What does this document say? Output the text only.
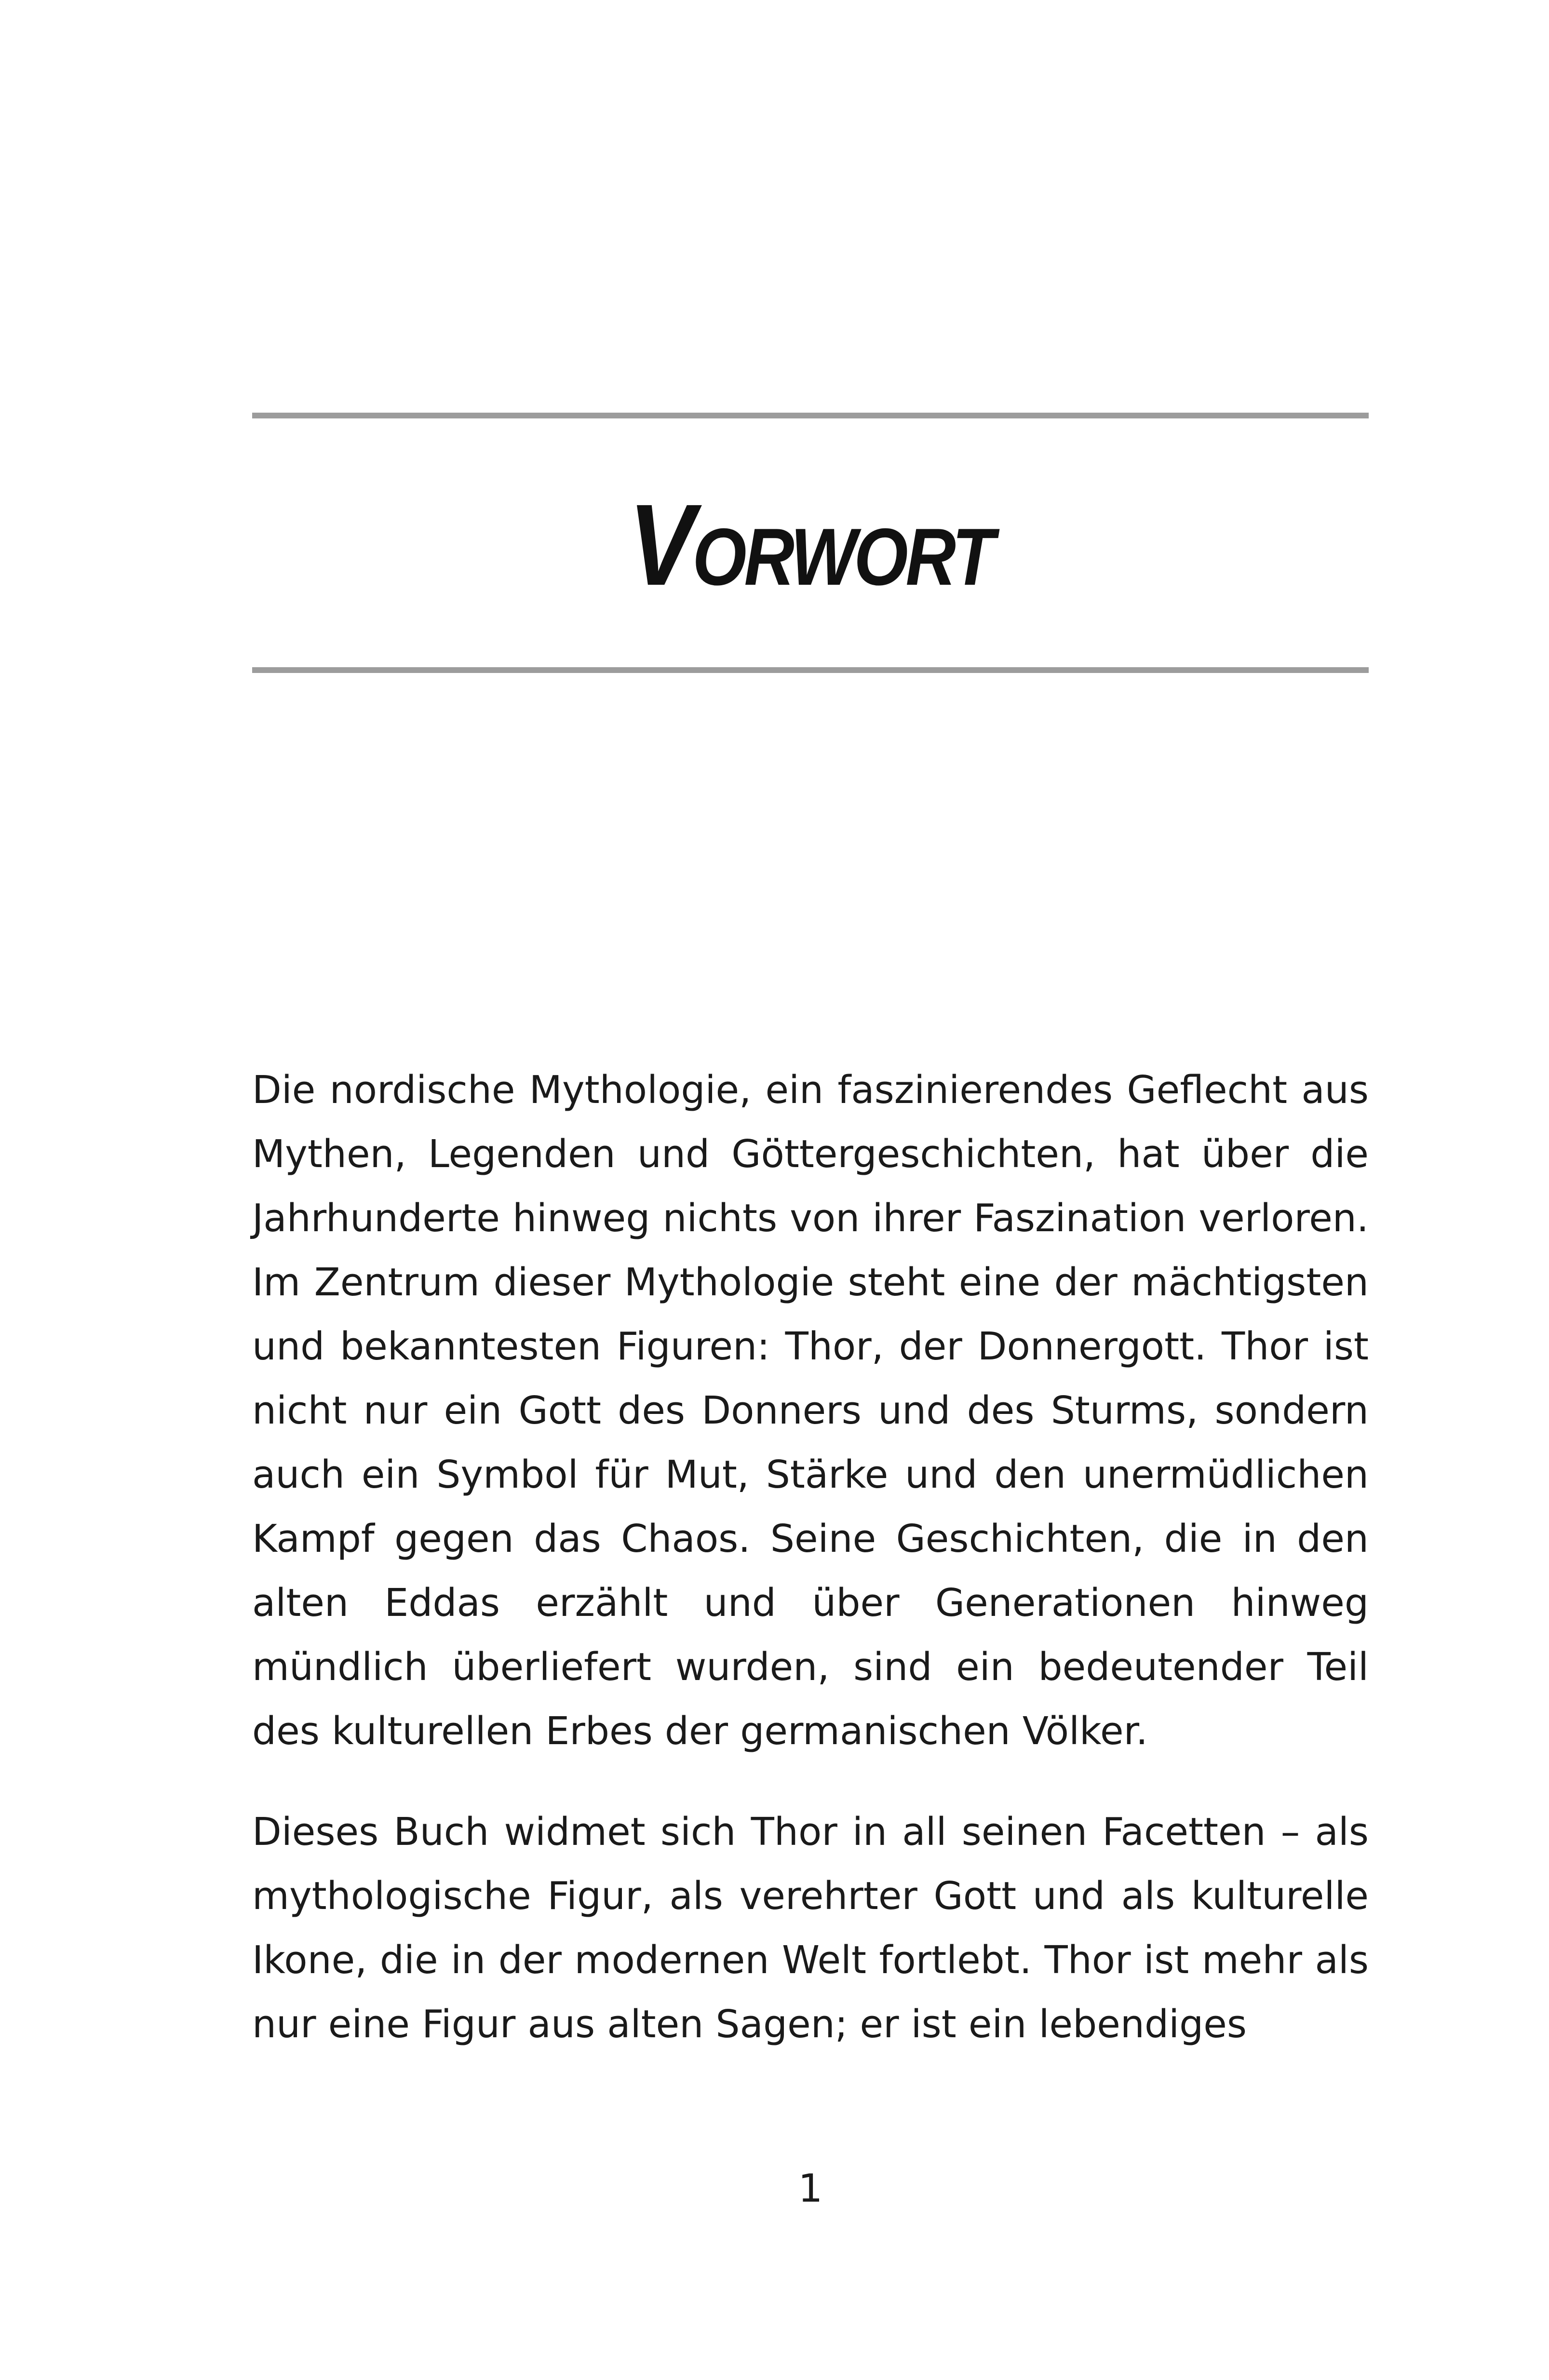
Vorwort

Die nordische Mythologie, ein faszinierendes Geflecht aus Mythen, Legenden und Göttergeschichten, hat über die Jahrhunderte hinweg nichts von ihrer Faszination verloren. Im Zentrum dieser Mythologie steht eine der mächtigsten und bekanntesten Figuren: Thor, der Donnergott. Thor ist nicht nur ein Gott des Donners und des Sturms, sondern auch ein Symbol für Mut, Stärke und den unermüdlichen Kampf gegen das Chaos. Seine Geschichten, die in den alten Eddas erzählt und über Generationen hinweg mündlich überliefert wurden, sind ein bedeutender Teil des kulturellen Erbes der germanischen Völker.

Dieses Buch widmet sich Thor in all seinen Facetten – als mythologische Figur, als verehrter Gott und als kulturelle Ikone, die in der modernen Welt fortlebt. Thor ist mehr als nur eine Figur aus alten Sagen; er ist ein lebendiges

1
